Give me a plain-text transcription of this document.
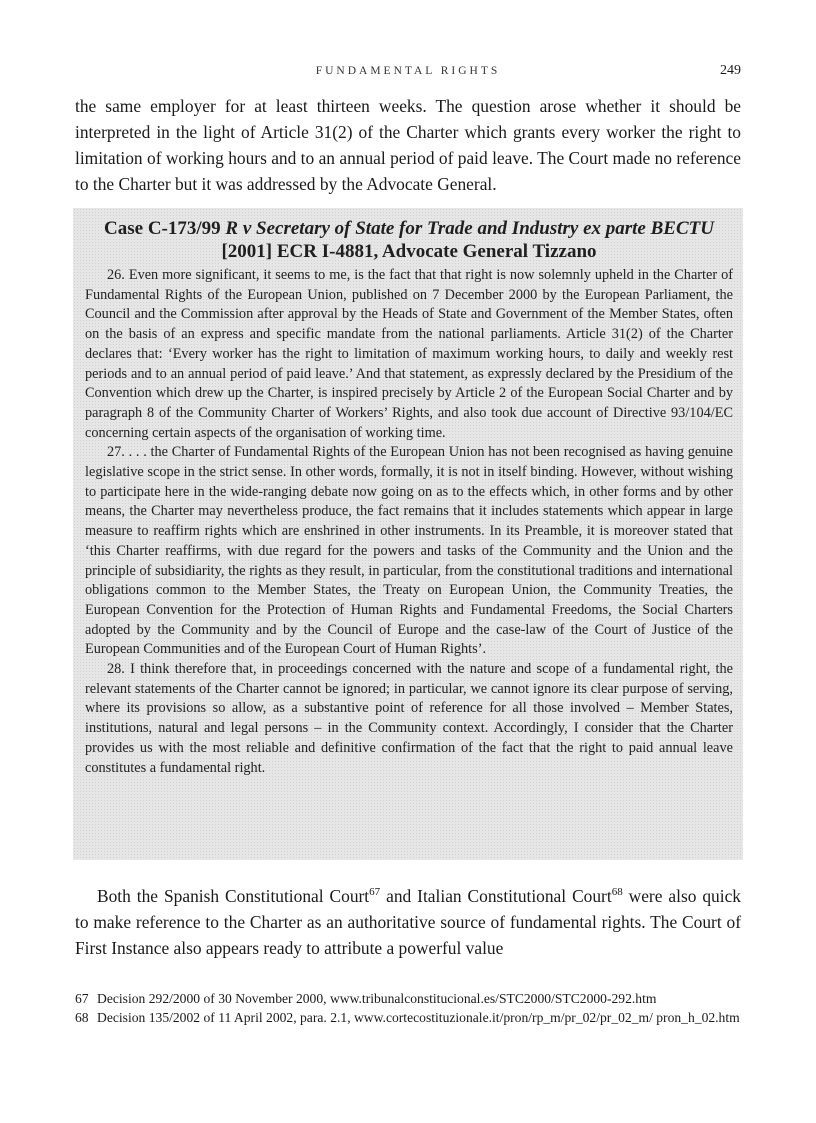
FUNDAMENTAL RIGHTS	249

the same employer for at least thirteen weeks. The question arose whether it should be interpreted in the light of Article 31(2) of the Charter which grants every worker the right to limitation of working hours and to an annual period of paid leave. The Court made no reference to the Charter but it was addressed by the Advocate General.

Case C-173/99 R v Secretary of State for Trade and Industry ex parte BECTU [2001] ECR I-4881, Advocate General Tizzano

26. Even more significant, it seems to me, is the fact that that right is now solemnly upheld in the Charter of Fundamental Rights of the European Union, published on 7 December 2000 by the European Parliament, the Council and the Commission after approval by the Heads of State and Government of the Member States, often on the basis of an express and specific mandate from the national parliaments. Article 31(2) of the Charter declares that: ‘Every worker has the right to limitation of maximum working hours, to daily and weekly rest periods and to an annual period of paid leave.’ And that statement, as expressly declared by the Presidium of the Convention which drew up the Charter, is inspired precisely by Article 2 of the European Social Charter and by paragraph 8 of the Community Charter of Workers’ Rights, and also took due account of Directive 93/104/EC concerning certain aspects of the organisation of working time.

27. . . . the Charter of Fundamental Rights of the European Union has not been recognised as having genuine legislative scope in the strict sense. In other words, formally, it is not in itself binding. However, without wishing to participate here in the wide-ranging debate now going on as to the effects which, in other forms and by other means, the Charter may nevertheless produce, the fact remains that it includes statements which appear in large measure to reaffirm rights which are enshrined in other instruments. In its Preamble, it is moreover stated that ‘this Charter reaffirms, with due regard for the powers and tasks of the Community and the Union and the principle of subsidiarity, the rights as they result, in particular, from the constitutional traditions and international obligations common to the Member States, the Treaty on European Union, the Community Treaties, the European Convention for the Protection of Human Rights and Fundamental Freedoms, the Social Charters adopted by the Community and by the Council of Europe and the case-law of the Court of Justice of the European Communities and of the European Court of Human Rights’.

28. I think therefore that, in proceedings concerned with the nature and scope of a fundamental right, the relevant statements of the Charter cannot be ignored; in particular, we cannot ignore its clear purpose of serving, where its provisions so allow, as a substantive point of reference for all those involved – Member States, institutions, natural and legal persons – in the Community context. Accordingly, I consider that the Charter provides us with the most reliable and definitive confirmation of the fact that the right to paid annual leave constitutes a fundamental right.

Both the Spanish Constitutional Court$^{67}$ and Italian Constitutional Court$^{68}$ were also quick to make reference to the Charter as an authoritative source of fundamental rights. The Court of First Instance also appears ready to attribute a powerful value

67 Decision 292/2000 of 30 November 2000, www.tribunalconstitucional.es/STC2000/STC2000-292.htm

68 Decision 135/2002 of 11 April 2002, para. 2.1, www.cortecostituzionale.it/pron/rp_m/pr_02/pr_02_m/ pron_h_02.htm
